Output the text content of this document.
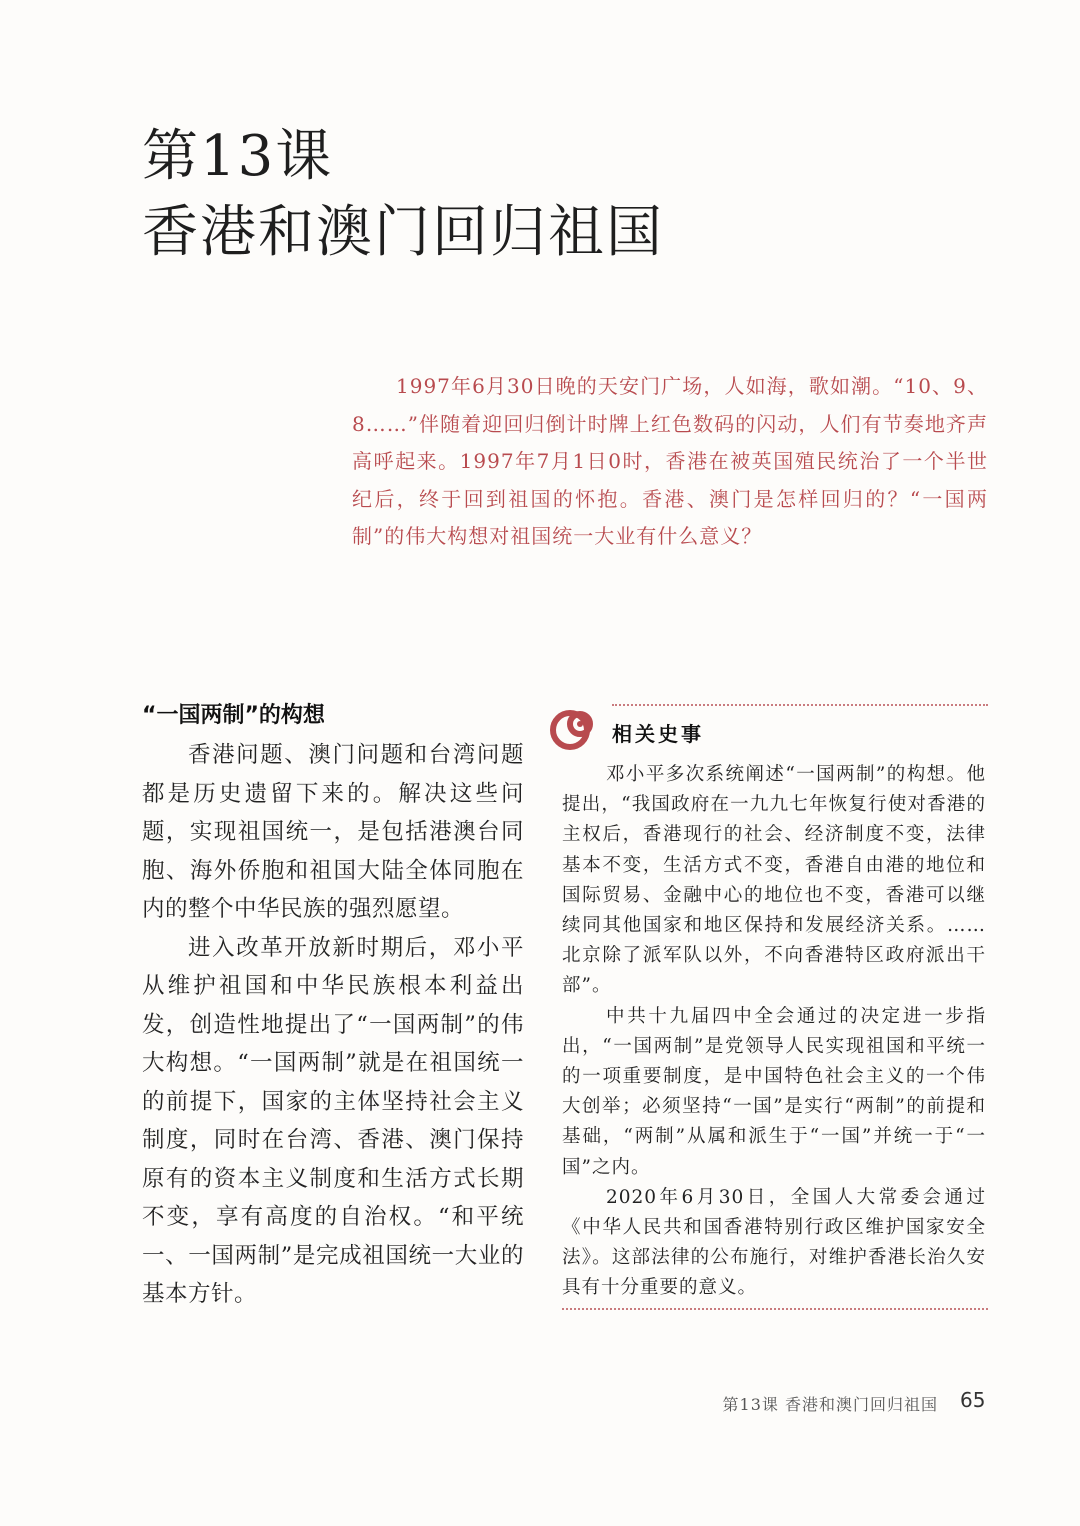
第13课
香港和澳门回归祖国
1997年6月30日晚的天安门广场，人如海，歌如潮。“10、9、8……”伴随着迎回归倒计时牌上红色数码的闪动，人们有节奏地齐声高呼起来。1997年7月1日0时，香港在被英国殖民统治了一个半世纪后，终于回到祖国的怀抱。香港、澳门是怎样回归的？“一国两制”的伟大构想对祖国统一大业有什么意义？
“一国两制”的构想

香港问题、澳门问题和台湾问题都是历史遗留下来的。解决这些问题，实现祖国统一，是包括港澳台同胞、海外侨胞和祖国大陆全体同胞在内的整个中华民族的强烈愿望。

进入改革开放新时期后，邓小平从维护祖国和中华民族根本利益出发，创造性地提出了“一国两制”的伟大构想。“一国两制”就是在祖国统一的前提下，国家的主体坚持社会主义制度，同时在台湾、香港、澳门保持原有的资本主义制度和生活方式长期不变，享有高度的自治权。“和平统一、一国两制”是完成祖国统一大业的基本方针。

相关史事

邓小平多次系统阐述“一国两制”的构想。他提出，“我国政府在一九九七年恢复行使对香港的主权后，香港现行的社会、经济制度不变，法律基本不变，生活方式不变，香港自由港的地位和国际贸易、金融中心的地位也不变，香港可以继续同其他国家和地区保持和发展经济关系。……北京除了派军队以外，不向香港特区政府派出干部”。

中共十九届四中全会通过的决定进一步指出，“一国两制”是党领导人民实现祖国和平统一的一项重要制度，是中国特色社会主义的一个伟大创举；必须坚持“一国”是实行“两制”的前提和基础，“两制”从属和派生于“一国”并统一于“一国”之内。

2020年6月30日，全国人大常委会通过《中华人民共和国香港特别行政区维护国家安全法》。这部法律的公布施行，对维护香港长治久安具有十分重要的意义。

第13课 香港和澳门回归祖国 65
